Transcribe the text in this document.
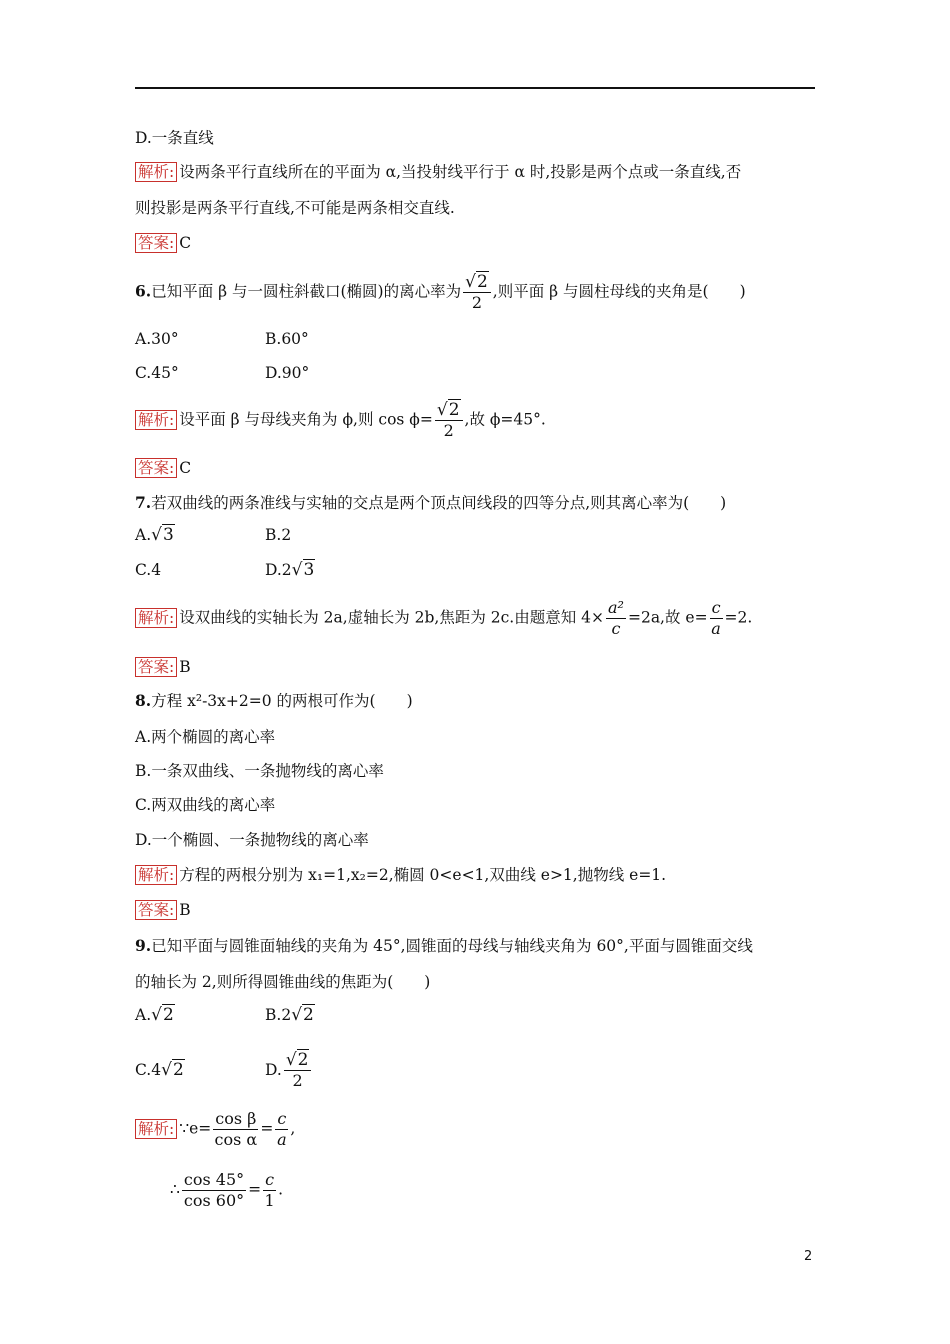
D.一条直线
解析: 设两条平行直线所在的平面为 α,当投射线平行于 α 时,投影是两个点或一条直线,否
则投影是两条平行直线,不可能是两条相交直线.
答案: C
6.已知平面 β 与一圆柱斜截口(椭圆)的离心率为 $\frac{√2}{2}$ ,则平面 β 与圆柱母线的夹角是(　　)
A.30°	B.60°
C.45°	D.90°
解析: 设平面 β 与母线夹角为 ϕ,则 $\cos \phi= \frac{√2}{2}$ ,故 ϕ=45°.
答案: C
7.若双曲线的两条准线与实轴的交点是两个顶点间线段的四等分点,则其离心率为(　　)
A.√3	B.2
C.4	D.2√3
解析: 设双曲线的实轴长为 2a,虚轴长为 2b,焦距为 2c.由题意知 $4\times \frac{\text{a²}}{c} =2a$,故 $e= \frac{c}{a} =2$.
答案: B
8.方程 x²-3x+2=0 的两根可作为(　　)
A.两个椭圆的离心率
B.一条双曲线、一条抛物线的离心率
C.两双曲线的离心率
D.一个椭圆、一条抛物线的离心率
解析: 方程的两根分别为 x₁=1,x₂=2,椭圆 0<e<1,双曲线 e>1,抛物线 e=1.
答案: B
9.已知平面与圆锥面轴线的夹角为 45°,圆锥面的母线与轴线夹角为 60°,平面与圆锥面交线
的轴长为 2,则所得圆锥曲线的焦距为(　　)
A.√2	B.2√2
C.4√2	D. $\frac{√2}{2}$
解析: ∵e= $\frac{\text{cos β}}{\text{cos α}} = \frac{c}{a}$ ,
∴ $\frac{\cos 45^\circ}{\cos 60^\circ} = \frac{c}{1}$ .
2
